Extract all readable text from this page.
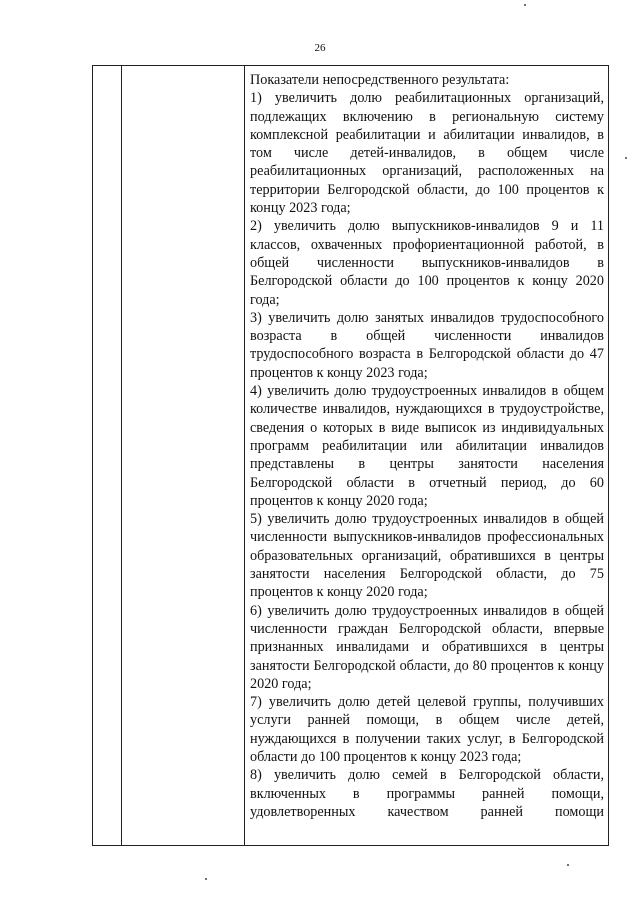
26

Показатели непосредственного результата:

1) увеличить долю реабилитационных организаций, подлежащих включению в региональную систему комплексной реабилитации и абилитации инвалидов, в том числе детей-инвалидов, в общем числе реабилитационных организаций, расположенных на территории Белгородской области, до 100 процентов к концу 2023 года;

2) увеличить долю выпускников-инвалидов 9 и 11 классов, охваченных профориентационной работой, в общей численности выпускников-инвалидов в Белгородской области до 100 процентов к концу 2020 года;

3) увеличить долю занятых инвалидов трудоспособного возраста в общей численности инвалидов трудоспособного возраста в Белгородской области до 47 процентов к концу 2023 года;

4) увеличить долю трудоустроенных инвалидов в общем количестве инвалидов, нуждающихся в трудоустройстве, сведения о которых в виде выписок из индивидуальных программ реабилитации или абилитации инвалидов представлены в центры занятости населения Белгородской области в отчетный период, до 60 процентов к концу 2020 года;

5) увеличить долю трудоустроенных инвалидов в общей численности выпускников-инвалидов профессиональных образовательных организаций, обратившихся в центры занятости населения Белгородской области, до 75 процентов к концу 2020 года;

6) увеличить долю трудоустроенных инвалидов в общей численности граждан Белгородской области, впервые признанных инвалидами и обратившихся в центры занятости Белгородской области, до 80 процентов к концу 2020 года;

7) увеличить долю детей целевой группы, получивших услуги ранней помощи, в общем числе детей, нуждающихся в получении таких услуг, в Белгородской области до 100 процентов к концу 2023 года;

8) увеличить долю семей в Белгородской области, включенных в программы ранней помощи, удовлетворенных качеством ранней помощи
